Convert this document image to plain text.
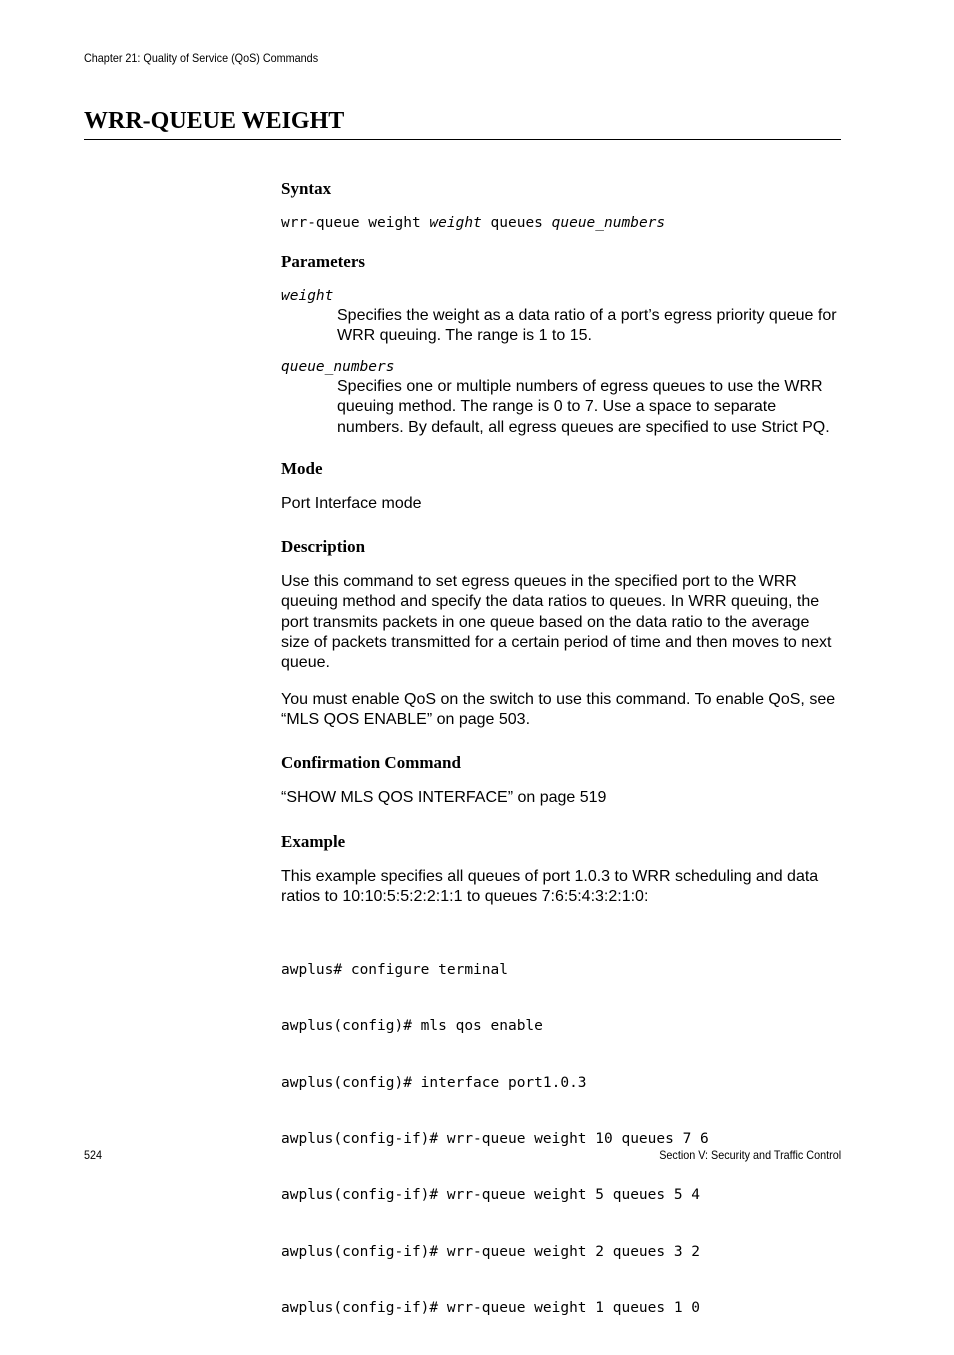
Chapter 21: Quality of Service (QoS) Commands
WRR-QUEUE WEIGHT
Syntax
wrr-queue weight weight queues queue_numbers
Parameters
weight

Specifies the weight as a data ratio of a port’s egress priority queue for WRR queuing. The range is 1 to 15.

queue_numbers

Specifies one or multiple numbers of egress queues to use the WRR queuing method. The range is 0 to 7. Use a space to separate numbers. By default, all egress queues are specified to use Strict PQ.

Mode

Port Interface mode

Description

Use this command to set egress queues in the specified port to the WRR queuing method and specify the data ratios to queues. In WRR queuing, the port transmits packets in one queue based on the data ratio to the average size of packets transmitted for a certain period of time and then moves to next queue.

You must enable QoS on the switch to use this command. To enable QoS, see “MLS QOS ENABLE” on page 503.

Confirmation Command

“SHOW MLS QOS INTERFACE” on page 519

Example

This example specifies all queues of port 1.0.3 to WRR scheduling and data ratios to 10:10:5:5:2:2:1:1 to queues 7:6:5:4:3:2:1:0:

awplus# configure terminal

awplus(config)# mls qos enable

awplus(config)# interface port1.0.3

awplus(config-if)# wrr-queue weight 10 queues 7 6

awplus(config-if)# wrr-queue weight 5 queues 5 4

awplus(config-if)# wrr-queue weight 2 queues 3 2

awplus(config-if)# wrr-queue weight 1 queues 1 0

524	Section V: Security and Traffic Control
